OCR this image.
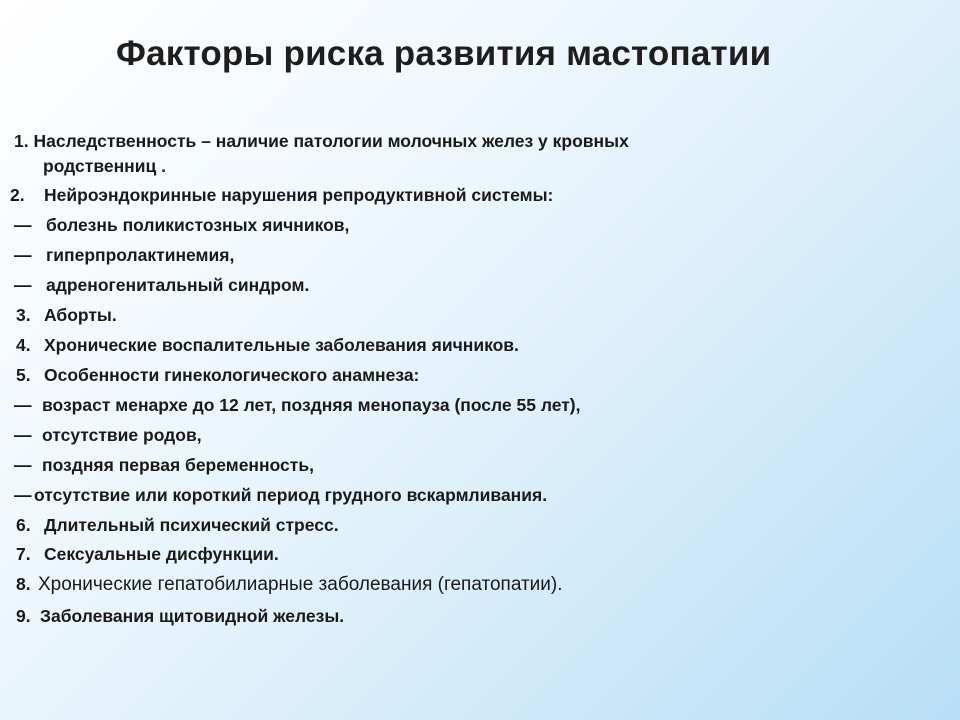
Факторы риска развития мастопатии
1. Наследственность – наличие патологии молочных желез у кровных
родственниц .
2. Нейроэндокринные нарушения репродуктивной системы:
— болезнь поликистозных яичников,
— гиперпролактинемия,
— адреногенитальный синдром.
3. Аборты.
4. Хронические воспалительные заболевания яичников.
5. Особенности гинекологического анамнеза:
— возраст менархе до 12 лет, поздняя менопауза (после 55 лет),
— отсутствие родов,
— поздняя первая беременность,
— отсутствие или короткий период грудного вскармливания.
6. Длительный психический стресс.
7. Сексуальные дисфункции.
8. Хронические гепатобилиарные заболевания (гепатопатии).
9. Заболевания щитовидной железы.
